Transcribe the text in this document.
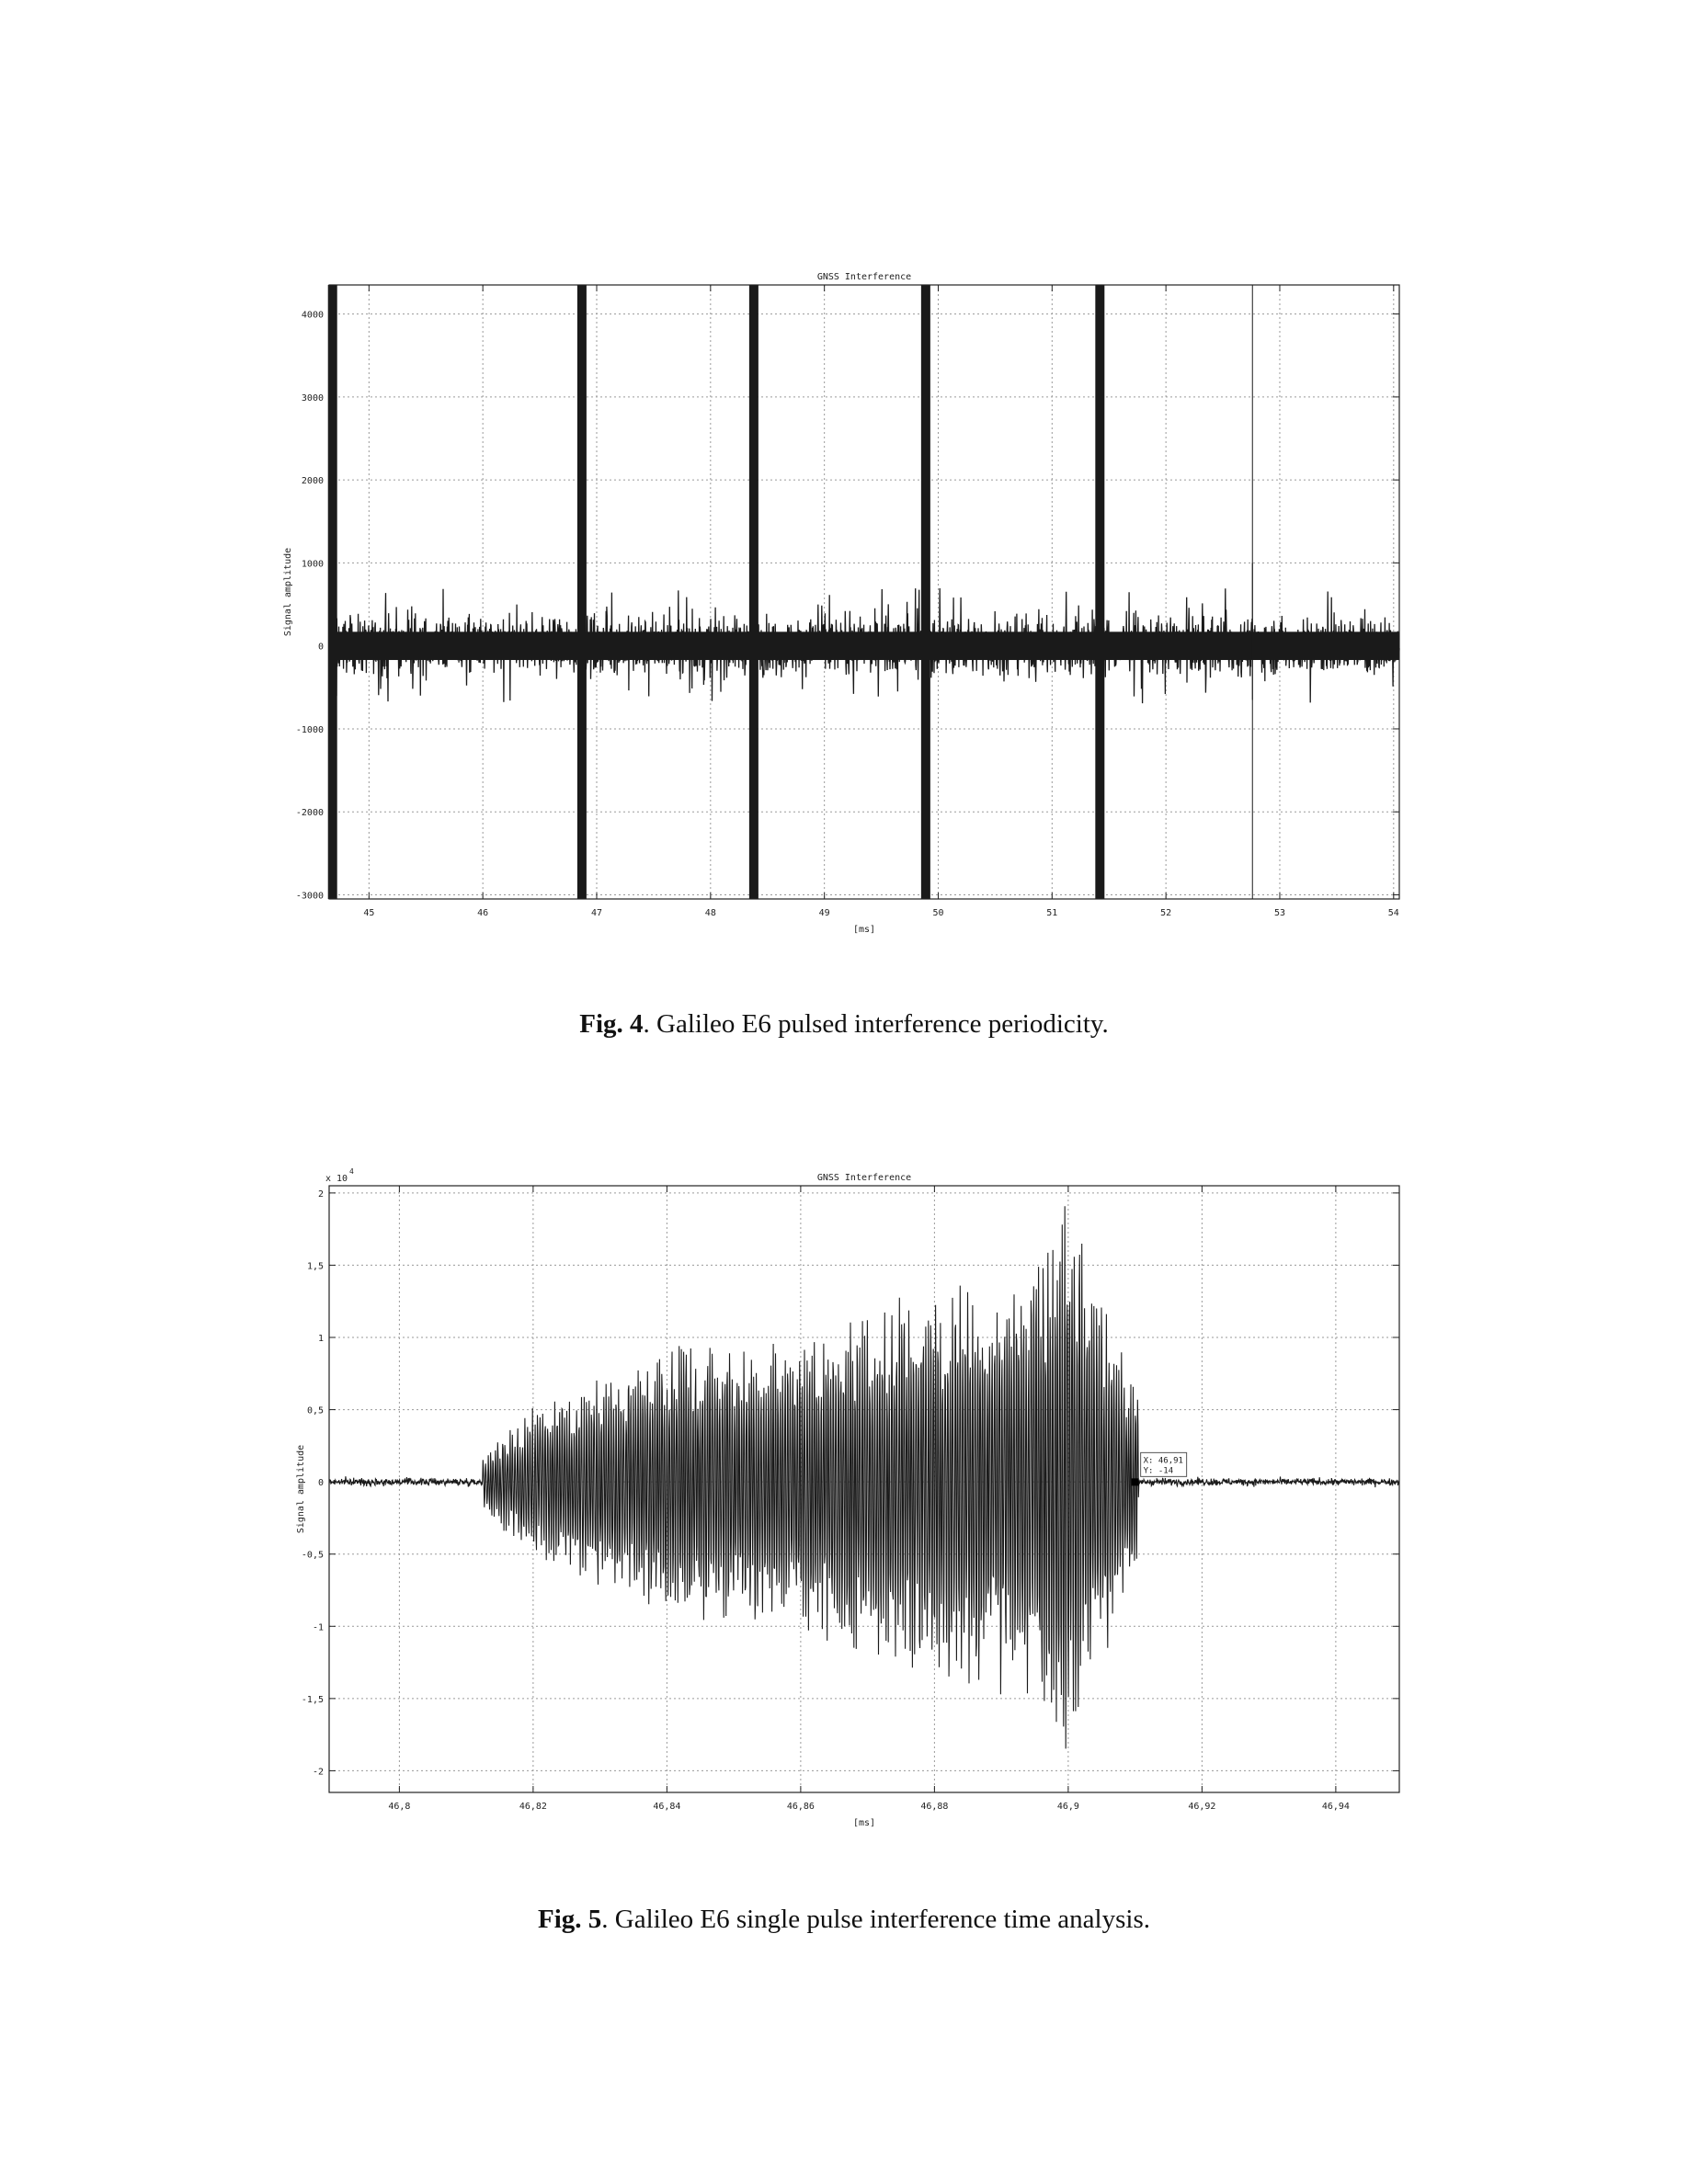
45	46	47	48	49	50	51	52	53	54
-3000
-2000
-1000
0
1000
2000
3000
4000
GNSS Interference
[ms]
Signal amplitude
Fig. 4. Galileo E6 pulsed interference periodicity.
46,8	46,82	46,84	46,86	46,88	46,9	46,92	46,94
-2
-1,5
-1
-0,5
0
0,5
1
1,5
2
GNSS Interference
[ms]
Signal amplitude
x 10
4
X: 46,91
Y: -14
Fig. 5. Galileo E6 single pulse interference time analysis.
